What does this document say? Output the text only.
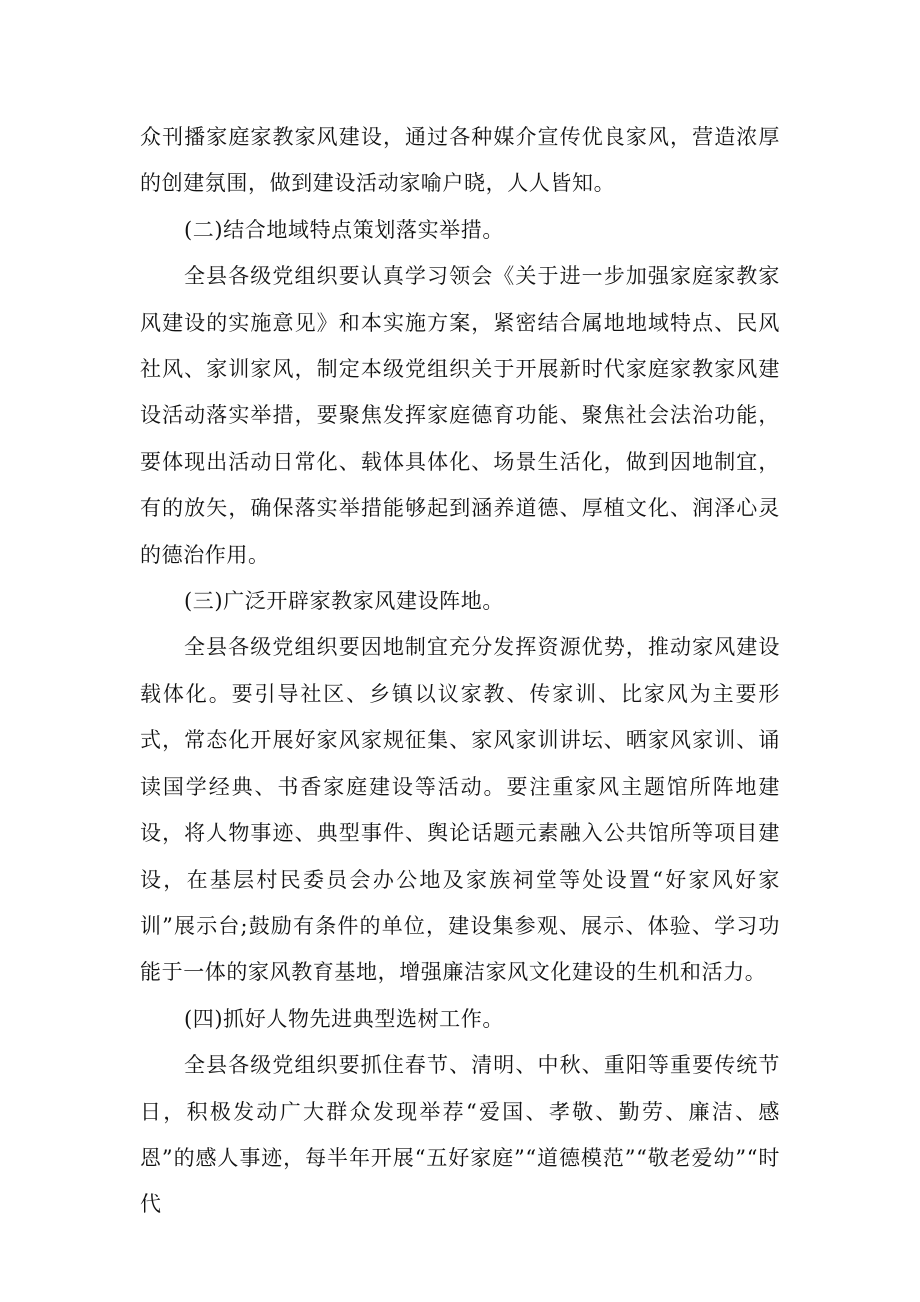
众刊播家庭家教家风建设，通过各种媒介宣传优良家风，营造浓厚的创建氛围，做到建设活动家喻户晓，人人皆知。

(二)结合地域特点策划落实举措。

全县各级党组织要认真学习领会《关于进一步加强家庭家教家风建设的实施意见》和本实施方案，紧密结合属地地域特点、民风社风、家训家风，制定本级党组织关于开展新时代家庭家教家风建设活动落实举措，要聚焦发挥家庭德育功能、聚焦社会法治功能，要体现出活动日常化、载体具体化、场景生活化，做到因地制宜，有的放矢，确保落实举措能够起到涵养道德、厚植文化、润泽心灵的德治作用。

(三)广泛开辟家教家风建设阵地。

全县各级党组织要因地制宜充分发挥资源优势，推动家风建设载体化。要引导社区、乡镇以议家教、传家训、比家风为主要形式，常态化开展好家风家规征集、家风家训讲坛、晒家风家训、诵读国学经典、书香家庭建设等活动。要注重家风主题馆所阵地建设，将人物事迹、典型事件、舆论话题元素融入公共馆所等项目建设，在基层村民委员会办公地及家族祠堂等处设置“好家风好家训”展示台;鼓励有条件的单位，建设集参观、展示、体验、学习功能于一体的家风教育基地，增强廉洁家风文化建设的生机和活力。

(四)抓好人物先进典型选树工作。

全县各级党组织要抓住春节、清明、中秋、重阳等重要传统节日，积极发动广大群众发现举荐“爱国、孝敬、勤劳、廉洁、感恩”的感人事迹，每半年开展“五好家庭”“道德模范”“敬老爱幼”“时代
